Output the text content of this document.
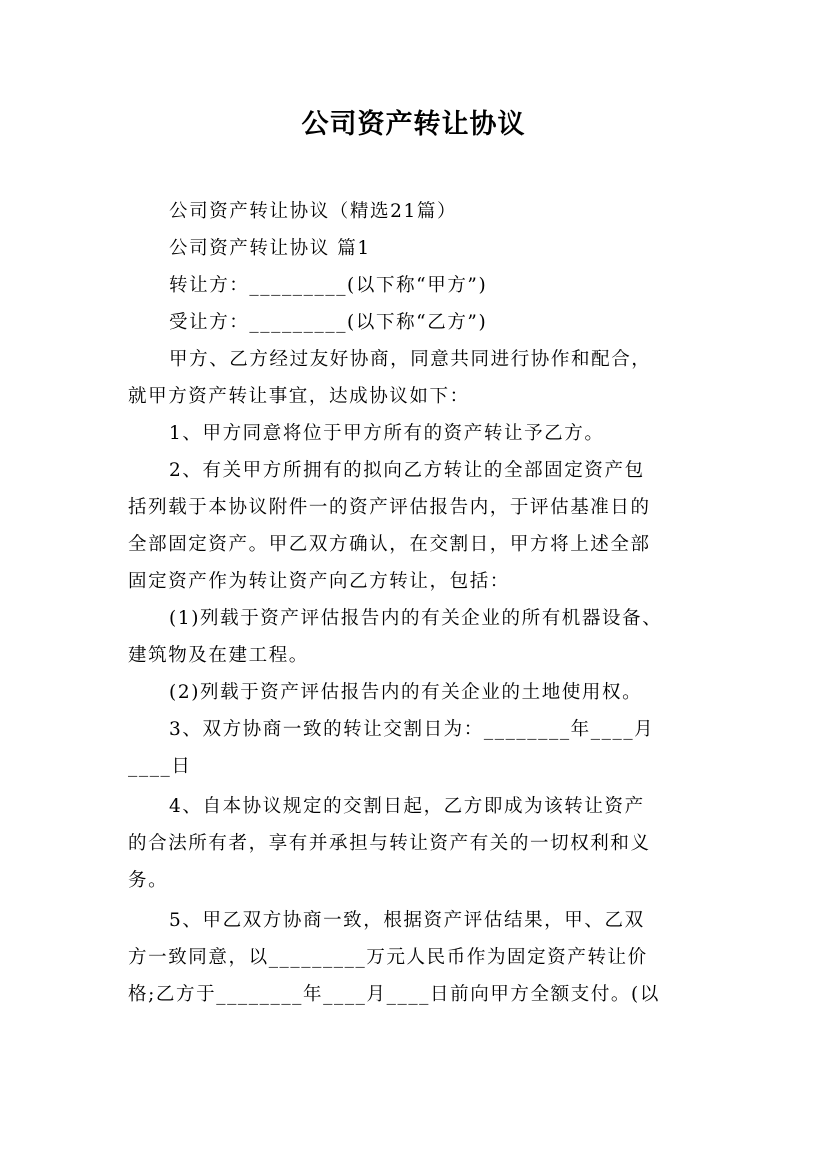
公司资产转让协议

公司资产转让协议（精选21篇）

公司资产转让协议 篇1

转让方：_________(以下称“甲方”)

受让方：_________(以下称“乙方”)

甲方、乙方经过友好协商，同意共同进行协作和配合，

就甲方资产转让事宜，达成协议如下：

1、甲方同意将位于甲方所有的资产转让予乙方。

2、有关甲方所拥有的拟向乙方转让的全部固定资产包

括列载于本协议附件一的资产评估报告内，于评估基准日的

全部固定资产。甲乙双方确认，在交割日，甲方将上述全部

固定资产作为转让资产向乙方转让，包括：

(1)列载于资产评估报告内的有关企业的所有机器设备、

建筑物及在建工程。

(2)列载于资产评估报告内的有关企业的土地使用权。

3、双方协商一致的转让交割日为：________年____月

____日

4、自本协议规定的交割日起，乙方即成为该转让资产

的合法所有者，享有并承担与转让资产有关的一切权利和义

务。

5、甲乙双方协商一致，根据资产评估结果，甲、乙双

方一致同意，以_________万元人民币作为固定资产转让价

格;乙方于________年____月____日前向甲方全额支付。(以
